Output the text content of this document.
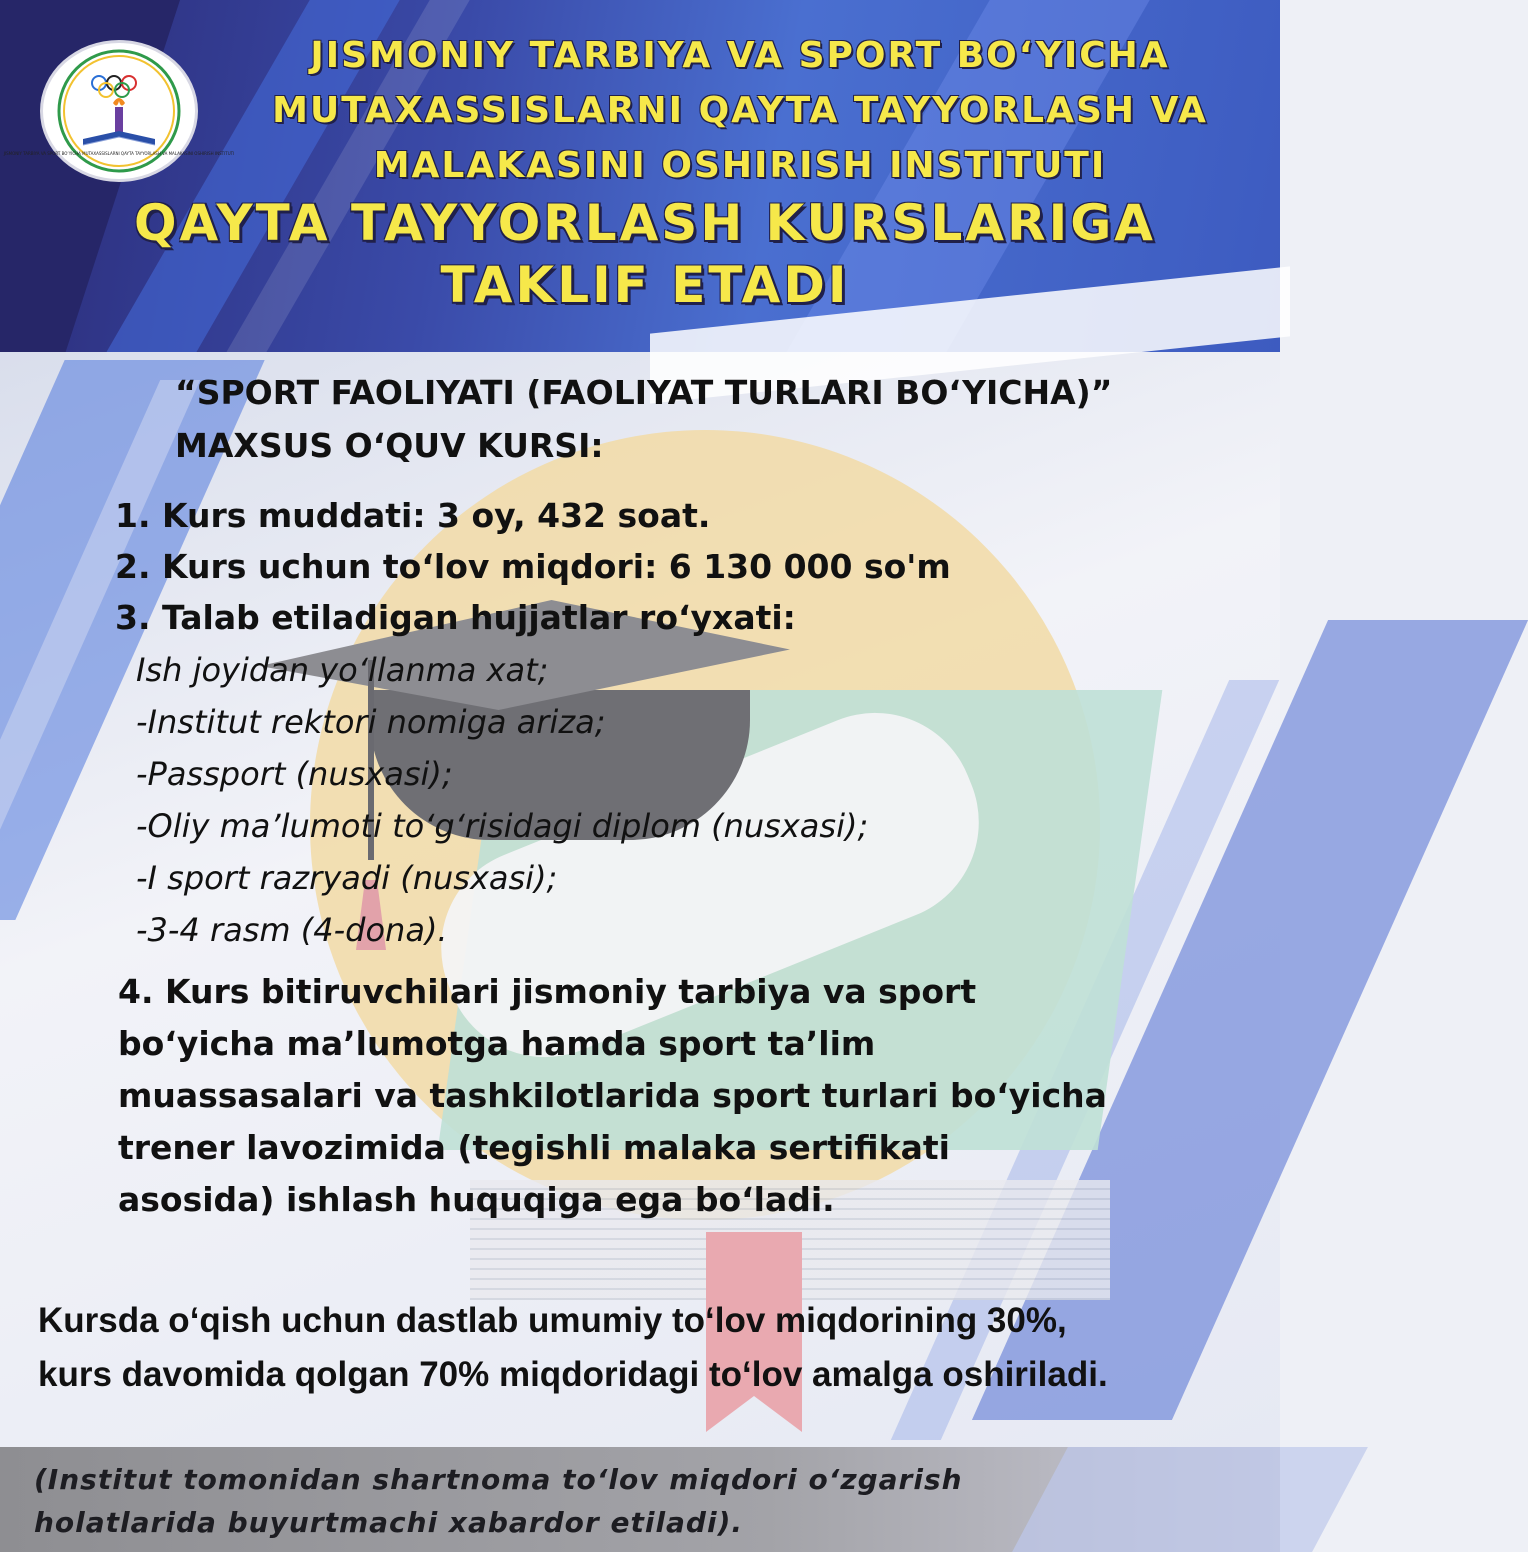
JISMONIY TARBIYA VA SPORT BO‘YICHA MUTAXASSISLARNI QAYTA TAYYORLASH VA MALAKASINI OSHIRISH INSTITUTI
JISMONIY TARBIYA VA SPORT BO‘YICHA
MUTAXASSISLARNI QAYTA TAYYORLASH VA
MALAKASINI OSHIRISH INSTITUTI
QAYTA TAYYORLASH KURSLARIGA
TAKLIF ETADI
“SPORT FAOLIYATI (FAOLIYAT TURLARI BO‘YICHA)”
MAXSUS O‘QUV KURSI:
1. Kurs muddati: 3 oy, 432 soat.
2. Kurs uchun to‘lov miqdori: 6 130 000 so'm
3. Talab etiladigan hujjatlar ro‘yxati:
Ish joyidan yo‘llanma xat;
-Institut rektori nomiga ariza;
-Passport (nusxasi);
-Oliy ma’lumoti to‘g‘risidagi diplom (nusxasi);
-I sport razryadi (nusxasi);
-3-4 rasm (4-dona).
4. Kurs bitiruvchilari jismoniy tarbiya va sport
bo‘yicha ma’lumotga hamda sport ta’lim
muassasalari va tashkilotlarida sport turlari bo‘yicha
trener lavozimida (tegishli malaka sertifikati
asosida) ishlash huquqiga ega bo‘ladi.
Kursda o‘qish uchun dastlab umumiy to‘lov miqdorining 30%,
kurs davomida qolgan 70% miqdoridagi to‘lov amalga oshiriladi.
(Institut tomonidan shartnoma to‘lov miqdori o‘zgarish
holatlarida buyurtmachi xabardor etiladi).
